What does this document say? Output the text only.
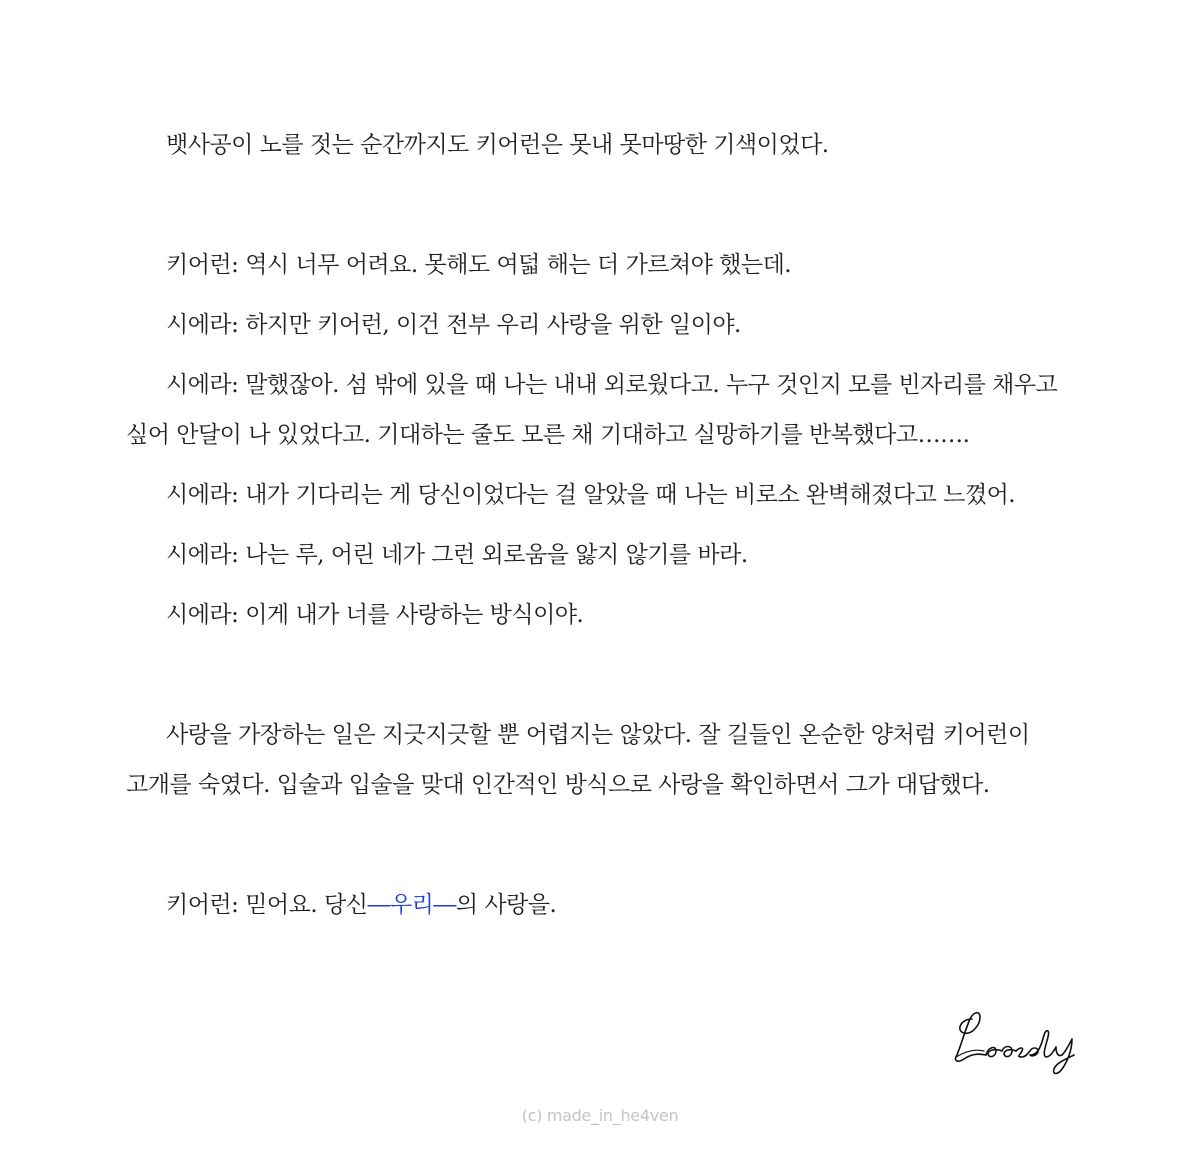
뱃사공이 노를 젓는 순간까지도 키어런은 못내 못마땅한 기색이었다.

키어런: 역시 너무 어려요. 못해도 여덟 해는 더 가르쳐야 했는데.

시에라: 하지만 키어런, 이건 전부 우리 사랑을 위한 일이야.

시에라: 말했잖아. 섬 밖에 있을 때 나는 내내 외로웠다고. 누구 것인지 모를 빈자리를 채우고 싶어 안달이 나 있었다고. 기대하는 줄도 모른 채 기대하고 실망하기를 반복했다고…….

시에라: 내가 기다리는 게 당신이었다는 걸 알았을 때 나는 비로소 완벽해졌다고 느꼈어.

시에라: 나는 루, 어린 네가 그런 외로움을 앓지 않기를 바라.

시에라: 이게 내가 너를 사랑하는 방식이야.

사랑을 가장하는 일은 지긋지긋할 뿐 어렵지는 않았다. 잘 길들인 온순한 양처럼 키어런이 고개를 숙였다. 입술과 입술을 맞대 인간적인 방식으로 사랑을 확인하면서 그가 대답했다.

키어런: 믿어요. 당신―우리―의 사랑을.

(c) made_in_he4ven
